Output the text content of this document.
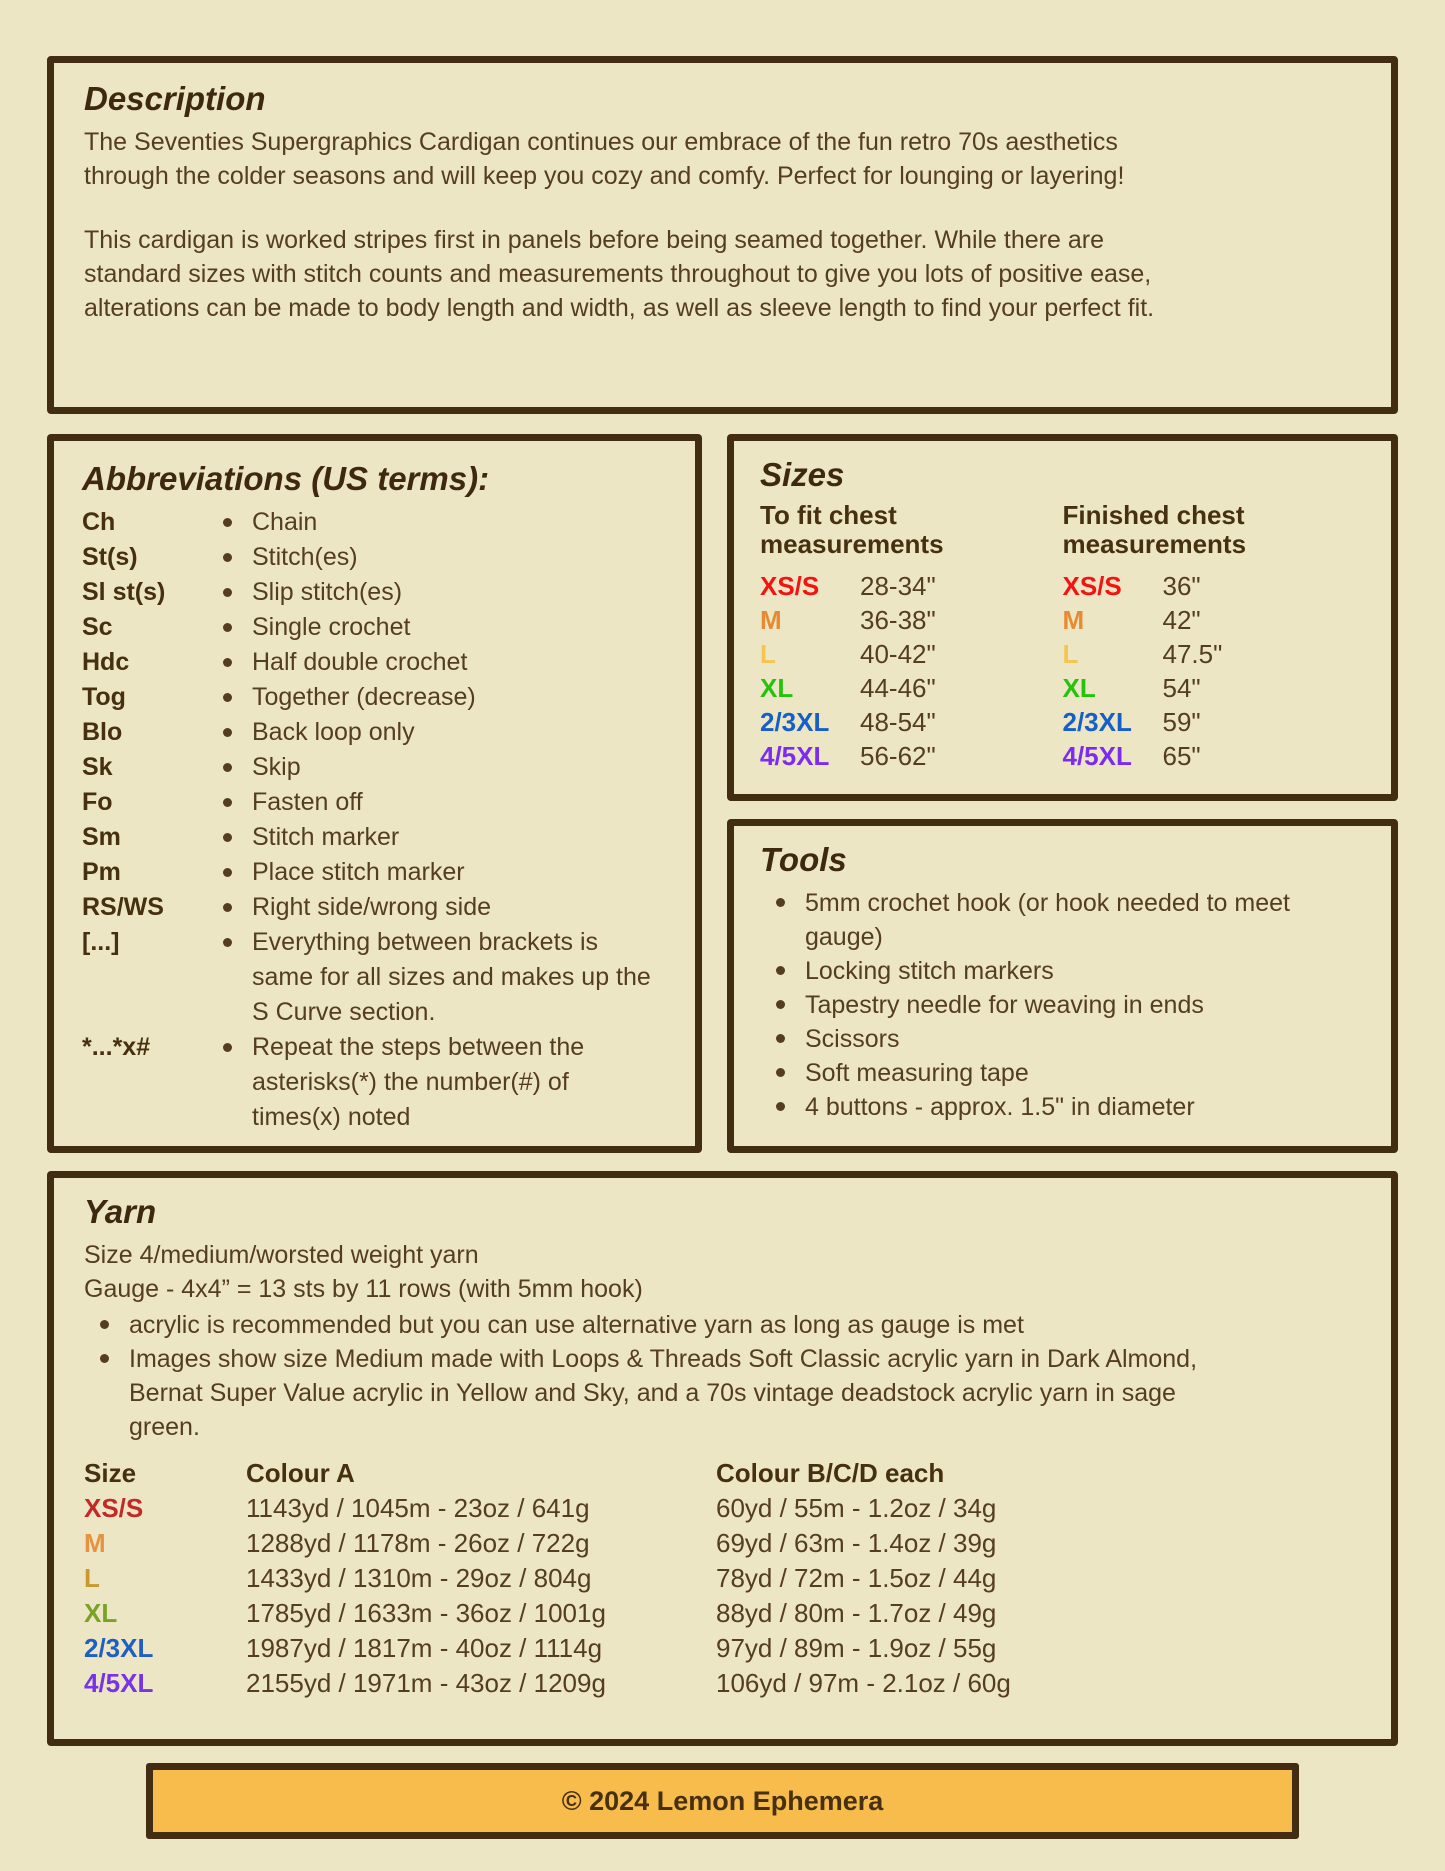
Description

The Seventies Supergraphics Cardigan continues our embrace of the fun retro 70s aesthetics through the colder seasons and will keep you cozy and comfy. Perfect for lounging or layering!

This cardigan is worked stripes first in panels before being seamed together. While there are standard sizes with stitch counts and measurements throughout to give you lots of positive ease, alterations can be made to body length and width, as well as sleeve length to find your perfect fit.

Abbreviations (US terms):
Ch	Chain
St(s)	Stitch(es)
Sl st(s)	Slip stitch(es)
Sc	Single crochet
Hdc	Half double crochet
Tog	Together (decrease)
Blo	Back loop only
Sk	Skip
Fo	Fasten off
Sm	Stitch marker
Pm	Place stitch marker
RS/WS	Right side/wrong side
[...]	Everything between brackets is same for all sizes and makes up the S Curve section.
*...*x#	Repeat the steps between the asterisks(*) the number(#) of times(x) noted
Sizes
To fit chest measurements
XS/S	28-34"
M	36-38"
L	40-42"
XL	44-46"
2/3XL	48-54"
4/5XL	56-62"
Finished chest measurements
XS/S	36"
M	42"
L	47.5"
XL	54"
2/3XL	59"
4/5XL	65"
Tools
5mm crochet hook (or hook needed to meet gauge)
Locking stitch markers
Tapestry needle for weaving in ends
Scissors
Soft measuring tape
4 buttons - approx. 1.5" in diameter
Yarn

Size 4/medium/worsted weight yarn

Gauge - 4x4” = 13 sts by 11 rows (with 5mm hook)

acrylic is recommended but you can use alternative yarn as long as gauge is met
Images show size Medium made with Loops & Threads Soft Classic acrylic yarn in Dark Almond, Bernat Super Value acrylic in Yellow and Sky, and a 70s vintage deadstock acrylic yarn in sage green.
Size	Colour A	Colour B/C/D each
XS/S	1143yd / 1045m - 23oz / 641g	60yd / 55m - 1.2oz / 34g
M	1288yd / 1178m - 26oz / 722g	69yd / 63m - 1.4oz / 39g
L	1433yd / 1310m - 29oz / 804g	78yd / 72m - 1.5oz / 44g
XL	1785yd / 1633m - 36oz / 1001g	88yd / 80m - 1.7oz / 49g
2/3XL	1987yd / 1817m - 40oz / 1114g	97yd / 89m - 1.9oz / 55g
4/5XL	2155yd / 1971m - 43oz / 1209g	106yd / 97m - 2.1oz / 60g
© 2024 Lemon Ephemera
